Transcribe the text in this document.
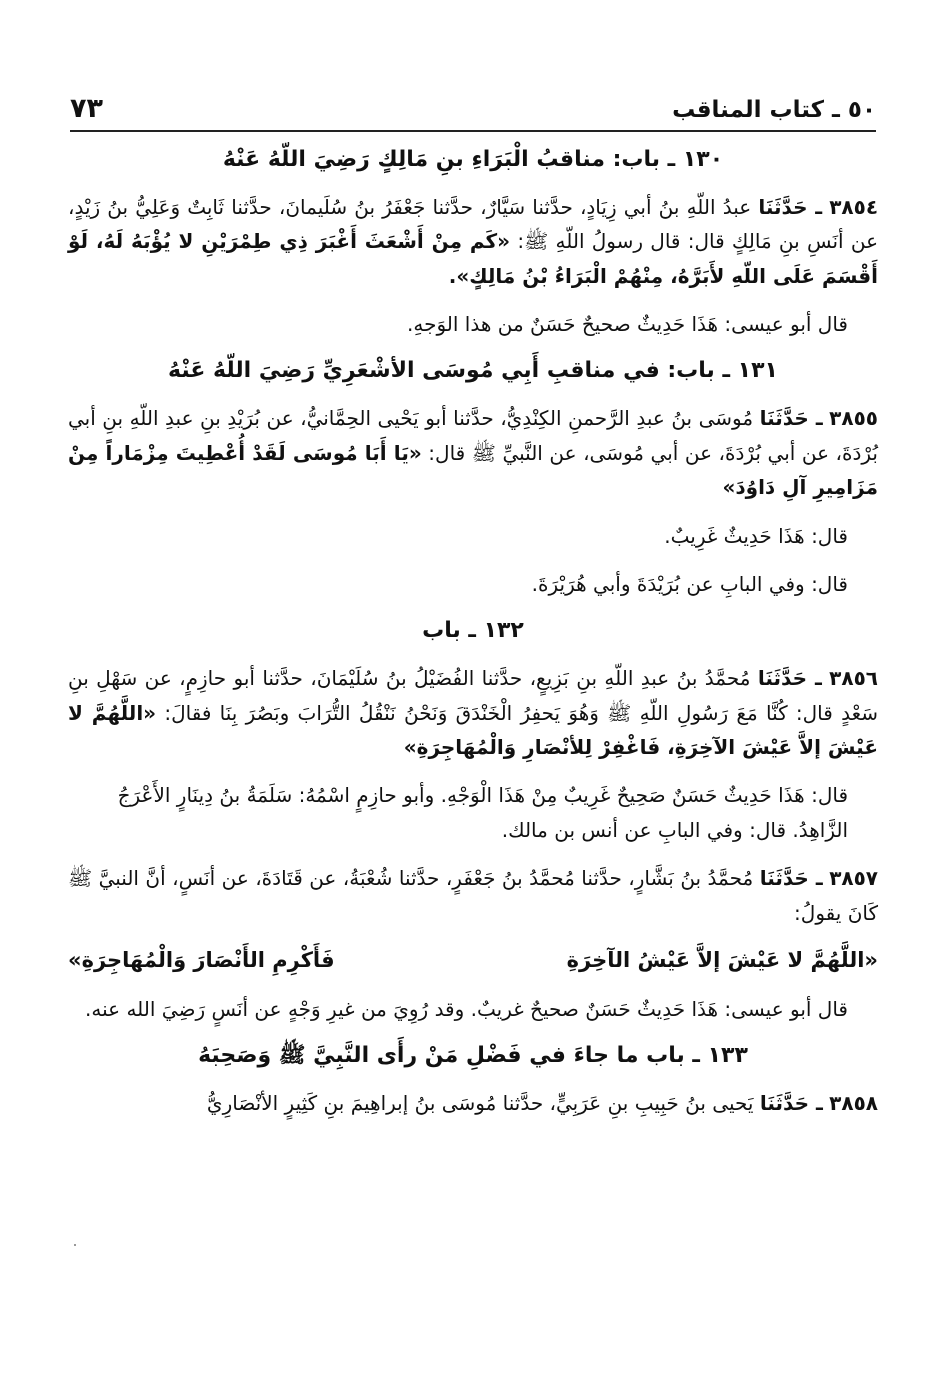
٥٠ ـ كتاب المناقب
٧٣
١٣٠ ـ باب: مناقبُ الْبَرَاءِ بنِ مَالِكٍ رَضِيَ اللّهُ عَنْهُ

٣٨٥٤ ـ حَدَّثَنَا عبدُ اللّهِ بنُ أبي زِيَادٍ، حدَّثنا سَيَّارٌ، حدَّثنا جَعْفَرُ بنُ سُلَيمانَ، حدَّثنا ثَابِتٌ وَعَلِيُّ بنُ زَيْدٍ، عن أنَسِ بنِ مَالِكٍ قال: قال رسولُ اللّهِ ﷺ: «كَم مِنْ أَشْعَثَ أَغْبَرَ ذِي طِمْرَيْنِ لا يُؤْبَهُ لَهُ، لَوْ أَقْسَمَ عَلَى اللّهِ لأَبَرَّهُ، مِنْهُمْ الْبَرَاءُ بْنُ مَالِكٍ».

قال أبو عيسى: هَذَا حَدِيثٌ صحيحٌ حَسَنٌ من هذا الوَجهِ.

١٣١ ـ باب: في مناقبِ أَبِي مُوسَى الأشْعَرِيِّ رَضِيَ اللّهُ عَنْهُ

٣٨٥٥ ـ حَدَّثَنَا مُوسَى بنُ عبدِ الرَّحمنِ الكِنْدِيُّ، حدَّثنا أبو يَحْيى الحِمَّانيُّ، عن بُرَيْدِ بنِ عبدِ اللّهِ بنِ أبي بُرْدَةَ، عن أبي بُرْدَةَ، عن أبي مُوسَى، عن النَّبيِّ ﷺ قال: «يَا أَبَا مُوسَى لَقَدْ أُعْطِيتَ مِزْمَاراً مِنْ مَزَامِيرِ آلِ دَاوُدَ»

قال: هَذَا حَدِيثٌ غَرِيبٌ.

قال: وفي البابِ عن بُرَيْدَةَ وأبي هُرَيْرَةَ.

١٣٢ ـ باب

٣٨٥٦ ـ حَدَّثَنَا مُحمَّدُ بنُ عبدِ اللّهِ بنِ بَزِيعٍ، حدَّثنا الفُضَيْلُ بنُ سُلَيْمَانَ، حدَّثنا أبو حازِمٍ، عن سَهْلِ بنِ سَعْدٍ قال: كُنَّا مَعَ رَسُولِ اللّهِ ﷺ وَهُوَ يَحفِرُ الْخَنْدَقَ وَنَحْنُ نَنْقُلُ التُّرَابَ وبَصُرَ بِنَا فقالَ: «اللَّهُمَّ لا عَيْشَ إلاَّ عَيْشَ الآخِرَةِ، فَاغْفِرْ لِلأنْصَارِ وَالْمُهَاجِرَةِ»

قال: هَذَا حَدِيثٌ حَسَنٌ صَحِيحٌ غَرِيبٌ مِنْ هَذَا الْوَجْهِ. وأبو حازِمٍ اسْمُهُ: سَلَمَةُ بنُ دِينَارٍ الأَعْرَجُ الزَّاهِدُ. قال: وفي البابِ عن أنس بن مالك.

٣٨٥٧ ـ حَدَّثَنَا مُحمَّدُ بنُ بَشَّارٍ، حدَّثنا مُحمَّدُ بنُ جَعْفَرٍ، حدَّثنا شُعْبَةُ، عن قَتَادَةَ، عن أنَسٍ، أنَّ النبيَّ ﷺ كَانَ يقولُ:

«اللَّهُمَّ لا عَيْشَ إلاَّ عَيْشُ الآخِرَةِ
فَأَكْرِمِ الأَنْصَارَ وَالْمُهَاجِرَةِ»

قال أبو عيسى: هَذَا حَدِيثٌ حَسَنٌ صحيحٌ غريبٌ. وقد رُوِيَ من غيرِ وَجْهٍ عن أنَسٍ رَضِيَ الله عنه.

١٣٣ ـ باب ما جاءَ في فَضْلِ مَنْ رأَى النَّبِيَّ ﷺ وَصَحِبَهُ

٣٨٥٨ ـ حَدَّثَنَا يَحيى بنُ حَبِيبِ بنِ عَرَبِيٍّ، حدَّثنا مُوسَى بنُ إبراهِيمَ بنِ كَثِيرٍ الأنْصَارِيُّ
